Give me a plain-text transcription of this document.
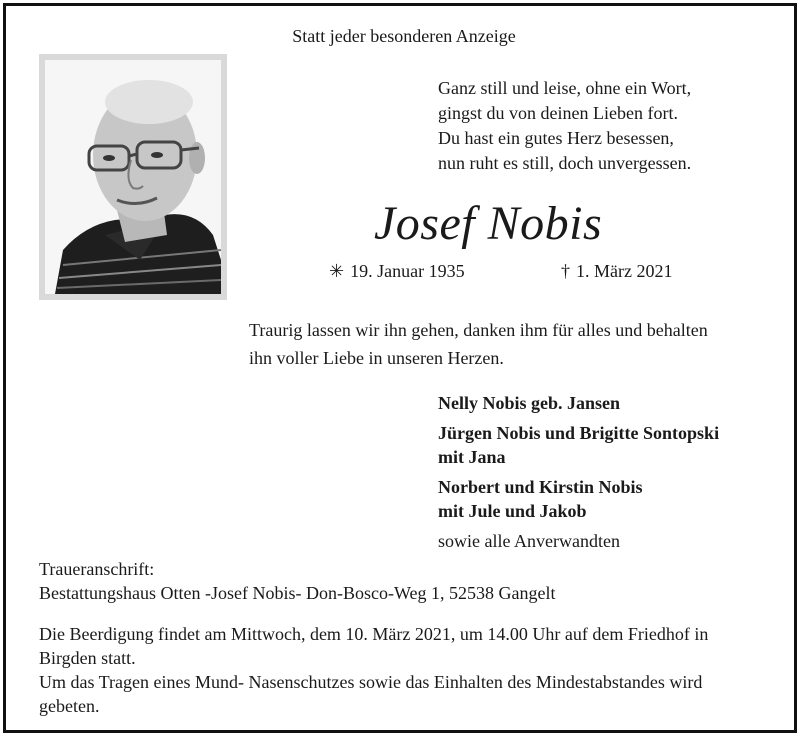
Statt jeder besonderen Anzeige
Ganz still und leise, ohne ein Wort,
gingst du von deinen Lieben fort.
Du hast ein gutes Herz besessen,
nun ruht es still, doch unvergessen.
Josef Nobis
✳ 19. Januar 1935	† 1. März 2021
Traurig lassen wir ihn gehen, danken ihm für alles und behalten
ihn voller Liebe in unseren Herzen.
Nelly Nobis geb. Jansen
Jürgen Nobis und Brigitte Sontopski
mit Jana
Norbert und Kirstin Nobis
mit Jule und Jakob
sowie alle Anverwandten
Traueranschrift:
Bestattungshaus Otten -Josef Nobis- Don-Bosco-Weg 1, 52538 Gangelt
Die Beerdigung findet am Mittwoch, dem 10. März 2021, um 14.00 Uhr auf dem Friedhof in
Birgden statt.
Um das Tragen eines Mund- Nasenschutzes sowie das Einhalten des Mindestabstandes wird
gebeten.
